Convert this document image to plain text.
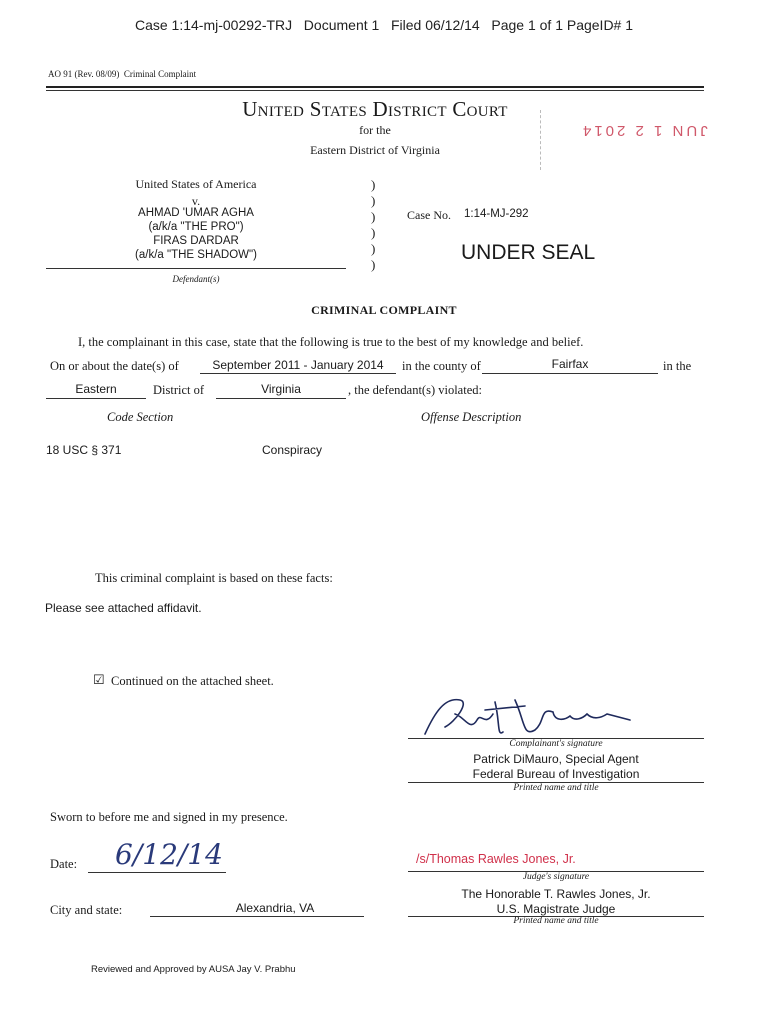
Case 1:14-mj-00292-TRJ   Document 1   Filed 06/12/14   Page 1 of 1 PageID# 1
AO 91 (Rev. 08/09)  Criminal Complaint
United States District Court
for the
Eastern District of Virginia
JUN 1 2 2014
United States of America
v.
AHMAD 'UMAR AGHA
(a/k/a "THE PRO")
FIRAS DARDAR
(a/k/a "THE SHADOW")
Defendant(s)
)
)
)
)
)
)
Case No. 1:14-MJ-292
UNDER SEAL
CRIMINAL COMPLAINT
I, the complainant in this case, state that the following is true to the best of my knowledge and belief.
On or about the date(s) of	September 2011 - January 2014	in the county of	Fairfax	in the
Eastern	District of	Virginia	, the defendant(s) violated:
Code Section	Offense Description
18 USC § 371	Conspiracy
This criminal complaint is based on these facts:
Please see attached affidavit.
☑ Continued on the attached sheet.
Complainant's signature
Patrick DiMauro, Special Agent
Federal Bureau of Investigation
Printed name and title
Sworn to before me and signed in my presence.
Date: 6/12/14
City and state:	Alexandria, VA
/s/Thomas Rawles Jones, Jr.
Judge's signature
The Honorable T. Rawles Jones, Jr.
U.S. Magistrate Judge
Printed name and title
Reviewed and Approved by AUSA Jay V. Prabhu
